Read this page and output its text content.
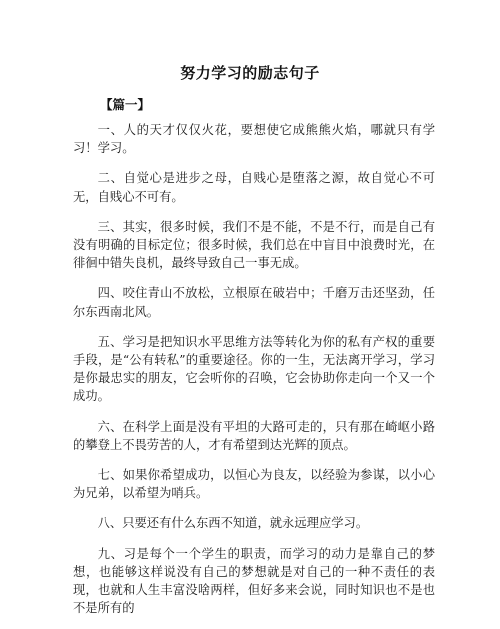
努力学习的励志句子
【篇一】

一、人的天才仅仅火花，要想使它成熊熊火焰，哪就只有学习！学习。

二、自觉心是进步之母，自贱心是堕落之源，故自觉心不可无，自贱心不可有。

三、其实，很多时候，我们不是不能，不是不行，而是自己有没有明确的目标定位；很多时候，我们总在中盲目中浪费时光，在徘徊中错失良机，最终导致自己一事无成。

四、咬住青山不放松，立根原在破岩中；千磨万击还坚劲，任尔东西南北风。

五、学习是把知识水平思维方法等转化为你的私有产权的重要手段，是“公有转私”的重要途径。你的一生，无法离开学习，学习是你最忠实的朋友，它会听你的召唤，它会协助你走向一个又一个成功。

六、在科学上面是没有平坦的大路可走的，只有那在崎岖小路的攀登上不畏劳苦的人，才有希望到达光辉的顶点。

七、如果你希望成功，以恒心为良友，以经验为参谋，以小心为兄弟，以希望为哨兵。

八、只要还有什么东西不知道，就永远理应学习。

九、习是每个一个学生的职责，而学习的动力是靠自己的梦想，也能够这样说没有自己的梦想就是对自己的一种不责任的表现，也就和人生丰富没啥两样，但好多来会说，同时知识也不是也不是所有的
